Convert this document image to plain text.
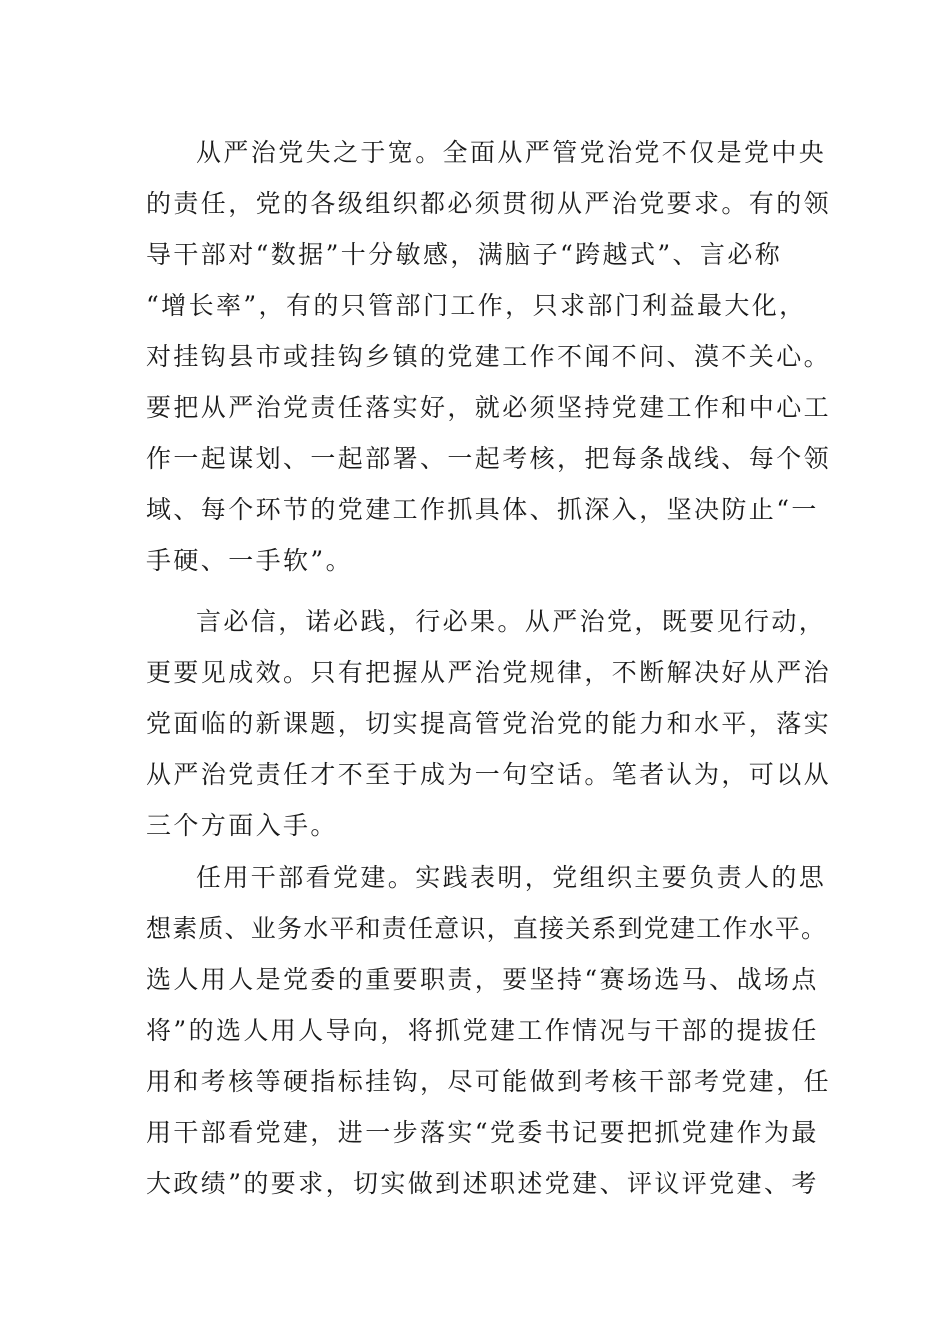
从严治党失之于宽。全面从严管党治党不仅是党中央
的责任，党的各级组织都必须贯彻从严治党要求。有的领
导干部对“数据”十分敏感，满脑子“跨越式”、言必称
“增长率”，有的只管部门工作，只求部门利益最大化，
对挂钩县市或挂钩乡镇的党建工作不闻不问、漠不关心。
要把从严治党责任落实好，就必须坚持党建工作和中心工
作一起谋划、一起部署、一起考核，把每条战线、每个领
域、每个环节的党建工作抓具体、抓深入，坚决防止“一
手硬、一手软”。
言必信，诺必践，行必果。从严治党，既要见行动，
更要见成效。只有把握从严治党规律，不断解决好从严治
党面临的新课题，切实提高管党治党的能力和水平，落实
从严治党责任才不至于成为一句空话。笔者认为，可以从
三个方面入手。
任用干部看党建。实践表明，党组织主要负责人的思
想素质、业务水平和责任意识，直接关系到党建工作水平。
选人用人是党委的重要职责，要坚持“赛场选马、战场点
将”的选人用人导向，将抓党建工作情况与干部的提拔任
用和考核等硬指标挂钩，尽可能做到考核干部考党建，任
用干部看党建，进一步落实“党委书记要把抓党建作为最
大政绩”的要求，切实做到述职述党建、评议评党建、考
